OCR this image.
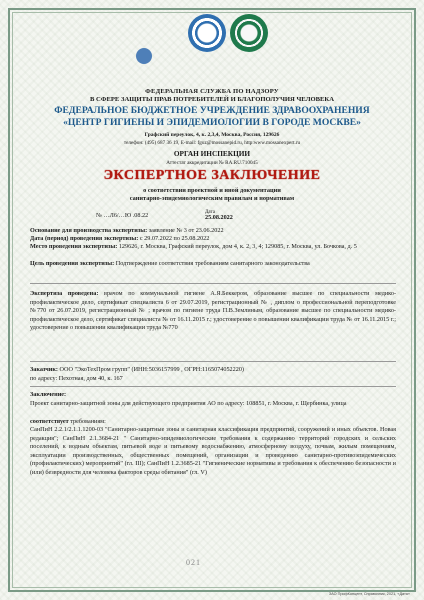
ФЕДЕРАЛЬНАЯ СЛУЖБА ПО НАДЗОРУ
В СФЕРЕ ЗАЩИТЫ ПРАВ ПОТРЕБИТЕЛЕЙ И БЛАГОПОЛУЧИЯ ЧЕЛОВЕКА
ФЕДЕРАЛЬНОЕ БЮДЖЕТНОЕ УЧРЕЖДЕНИЕ ЗДРАВООХРАНЕНИЯ
«ЦЕНТР ГИГИЕНЫ И ЭПИДЕМИОЛОГИИ В ГОРОДЕ МОСКВЕ»
Графский переулок, 4, к. 2,3,4, Москва, Россия, 129626
телефон: (495) 687 36 19, E-mail: fguz@mossanepid.ru, http:www.mossanexpert.ru
ОРГАН ИНСПЕКЦИИ
Аттестат аккредитации № RA.RU.710045
ЭКСПЕРТНОЕ ЗАКЛЮЧЕНИЕ
о соответствии проектной и иной документации
санитарно-эпидемиологическим правилам и нормативам
№ …Л6/…Ю .08.22	Дата
25.08.2022
Основание для производства экспертизы: заявление № 3 от 23.06.2022
Дата (период) проведения экспертизы: с 29.07.2022 по 25.08.2022
Место проведения экспертизы: 129626, г. Москва, Графский переулок, дом 4, к. 2, 3, 4; 129085, г. Москва, ул. Бочкова, д. 5
Цель проведения экспертизы: Подтверждение соответствия требованиям санитарного законодательства
Экспертиза проведена: врачом по коммунальной гигиене А.Я.Беккером, образование высшее по специальности медико-профилактическое дело, сертификат специалиста 6 от 29.07.2019, регистрационный № , диплом о профессиональной переподготовке №770 от 26.07.2019, регистрационный № ; врачом по гигиене труда П.В.Землиным, образование высшее по специальности медико-профилактическое дело, сертификат специалиста № от 16.11.2015 г.; удостоверение о повышении квалификации труда № от 16.11.2015 г.; удостоверение о повышении квалификации труда №770
Заказчик: ООО "ЭкоТехПром групп" (ИНН:5036157999 , ОГРН:1165074052220)
по адресу: Пехотная, дом 40, к. 167
Заключение:
Проект санитарно-защитной зоны для действующего предприятия АО по адресу: 108851, г. Москва, г. Щербинка, улица
соответствует требованиям:
СанПиН 2.2.1/2.1.1.1200-03 "Санитарно-защитные зоны и санитарная классификация предприятий, сооружений и иных объектов. Новая редакция"; СанПиН 2.1.3684-21 " Санитарно-эпидемиологические требования к содержанию территорий городских и сельских поселений, к водным объектам, питьевой воде и питьевому водоснабжению, атмосферному воздуху, почвам, жилым помещениям, эксплуатации производственных, общественных помещений, организации и проведению санитарно-противоэпидемических (профилактических) мероприятий" (гл. III); СанПиН 1.2.3685-21 "Гигиенические нормативы и требования к обеспечению безопасности и (или) безвредности для человека факторов среды обитания" (гл. V)
021
ЗАО ПрофКонцепт, Справочник, 2021, «Дата»
